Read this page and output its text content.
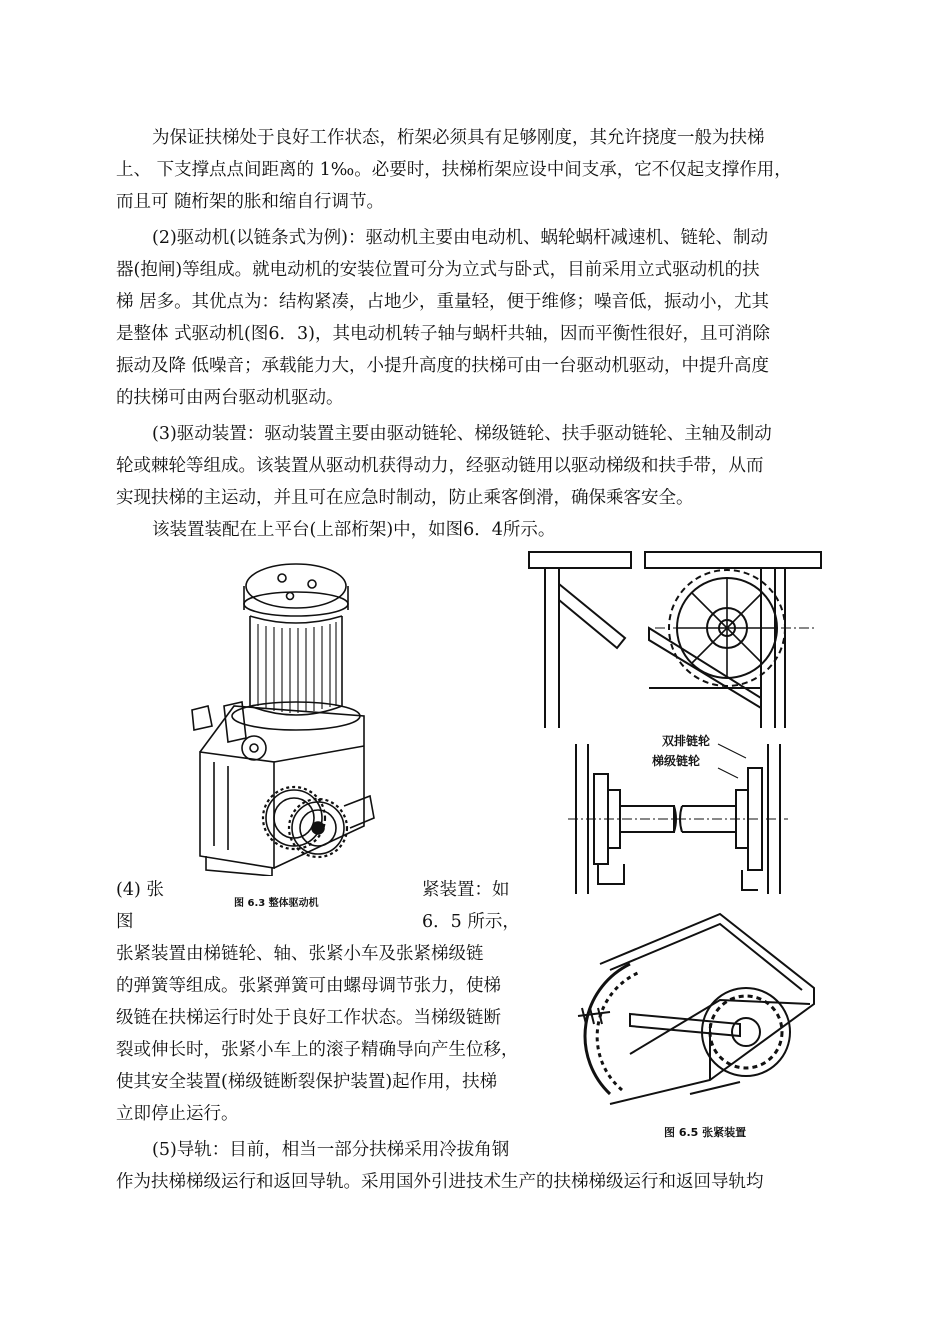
为保证扶梯处于良好工作状态，桁架必须具有足够刚度，其允许挠度一般为扶梯
上、 下支撑点点间距离的 1‰。必要时，扶梯桁架应设中间支承，它不仅起支撑作用，
而且可 随桁架的胀和缩自行调节。
(2)驱动机(以链条式为例)：驱动机主要由电动机、蜗轮蜗杆减速机、链轮、制动
器(抱闸)等组成。就电动机的安装位置可分为立式与卧式，目前采用立式驱动机的扶
梯 居多。其优点为：结构紧凑，占地少，重量轻，便于维修；噪音低，振动小，尤其
是整体 式驱动机(图6．3)，其电动机转子轴与蜗杆共轴，因而平衡性很好，且可消除
振动及降 低噪音；承载能力大，小提升高度的扶梯可由一台驱动机驱动，中提升高度
的扶梯可由两台驱动机驱动。
(3)驱动装置：驱动装置主要由驱动链轮、梯级链轮、扶手驱动链轮、主轴及制动
轮或棘轮等组成。该装置从驱动机获得动力，经驱动链用以驱动梯级和扶手带，从而
实现扶梯的主运动，并且可在应急时制动，防止乘客倒滑，确保乘客安全。
该装置装配在上平台(上部桁架)中，如图6．4所示。
图 6.3 整体驱动机
双排链轮
梯级链轮
图 6.5 张紧装置
(4) 张	紧装置：如
图	6．5 所示，
张紧装置由梯链轮、轴、张紧小车及张紧梯级链
的弹簧等组成。张紧弹簧可由螺母调节张力，使梯
级链在扶梯运行时处于良好工作状态。当梯级链断
裂或伸长时，张紧小车上的滚子精确导向产生位移，
使其安全装置(梯级链断裂保护装置)起作用，扶梯
立即停止运行。
(5)导轨：目前，相当一部分扶梯采用冷拔角钢
作为扶梯梯级运行和返回导轨。采用国外引进技术生产的扶梯梯级运行和返回导轨均
